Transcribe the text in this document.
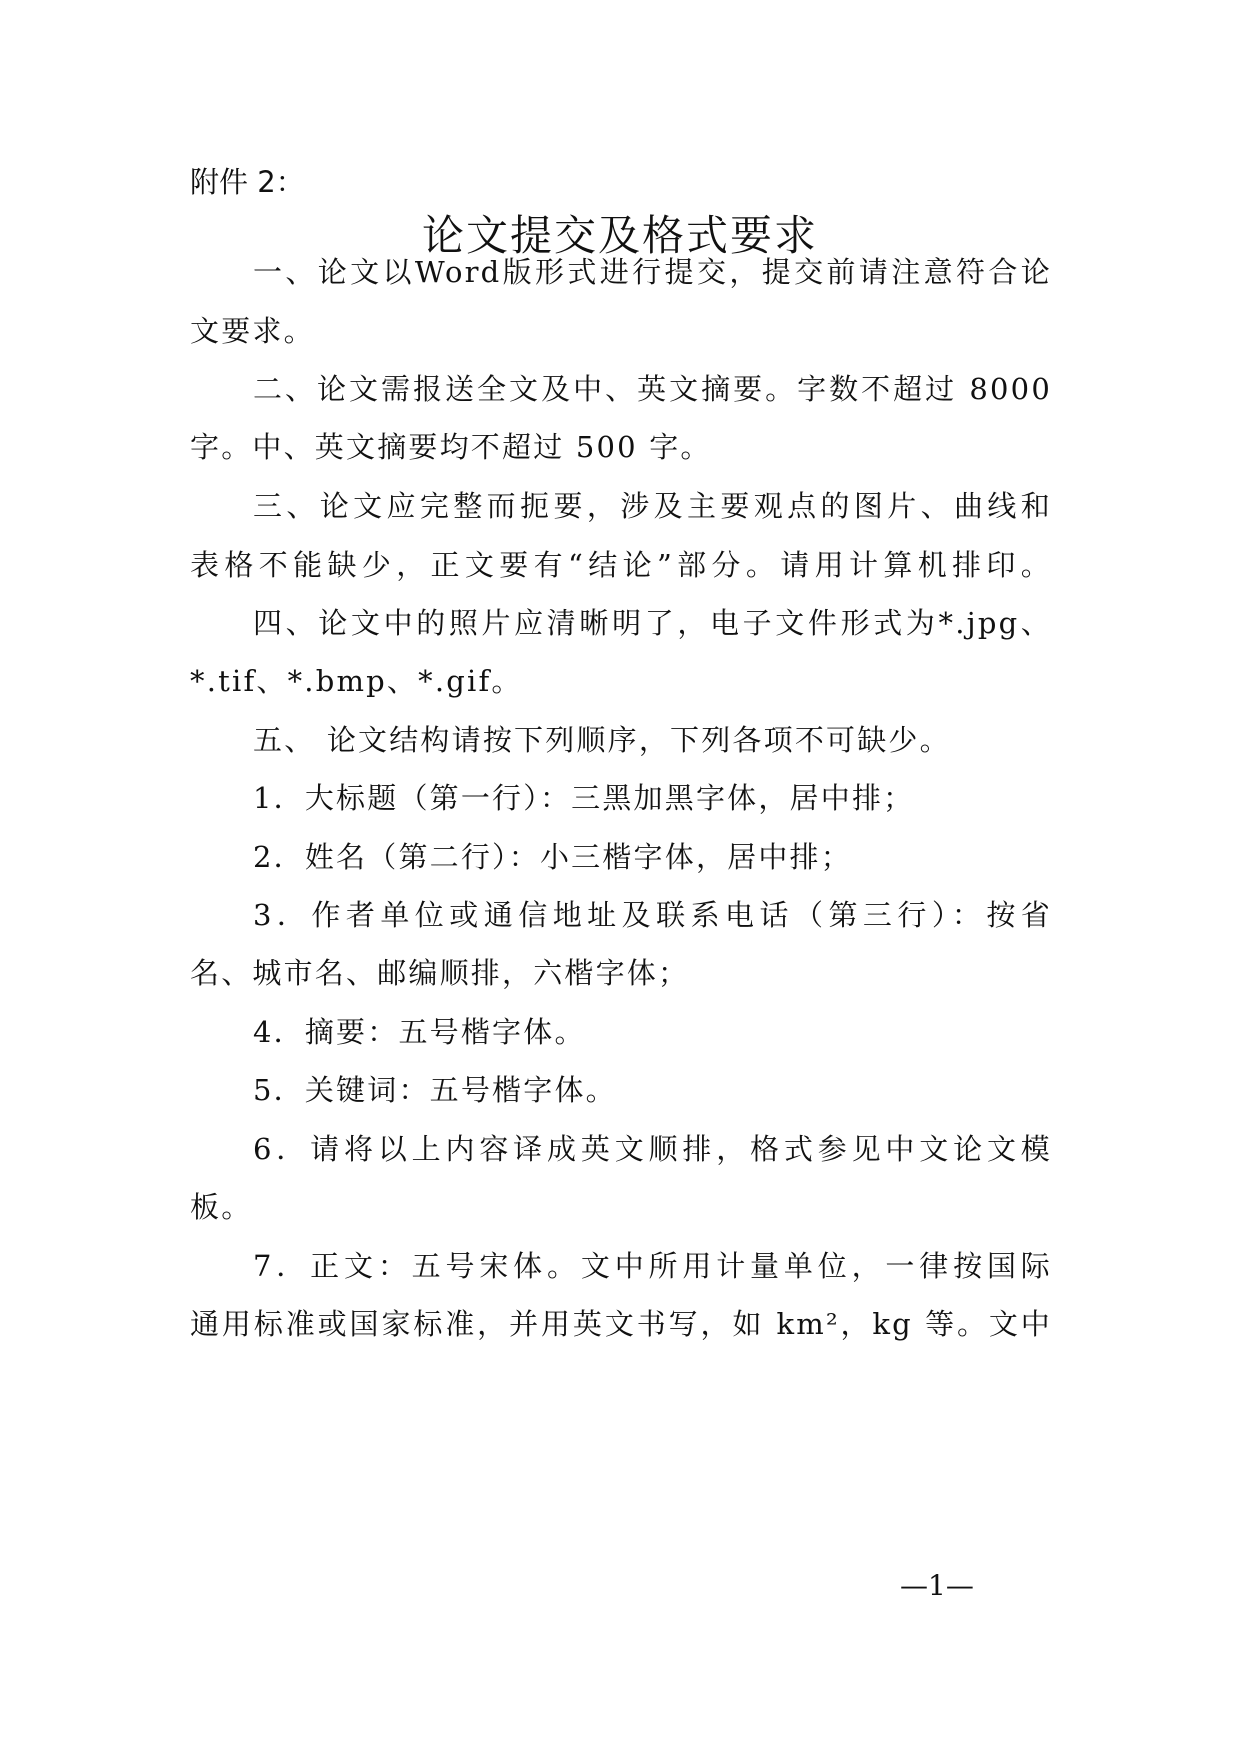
附件 2：
论文提交及格式要求
一、论文以Word版形式进行提交，提交前请注意符合论
文要求。
二、论文需报送全文及中、英文摘要。字数不超过 8000
字。中、英文摘要均不超过 500 字。
三、论文应完整而扼要，涉及主要观点的图片、曲线和
表格不能缺少，正文要有“结论”部分。请用计算机排印。
四、论文中的照片应清晰明了，电子文件形式为*.jpg、
*.tif、*.bmp、*.gif。
五、 论文结构请按下列顺序，下列各项不可缺少。
1．大标题（第一行）：三黑加黑字体，居中排；
2．姓名（第二行）：小三楷字体，居中排；
3．作者单位或通信地址及联系电话（第三行）：按省
名、城市名、邮编顺排，六楷字体；
4．摘要：五号楷字体。
5．关键词：五号楷字体。
6．请将以上内容译成英文顺排，格式参见中文论文模
板。
7．正文：五号宋体。文中所用计量单位，一律按国际
通用标准或国家标准，并用英文书写，如 km²，kg 等。文中
—1—
